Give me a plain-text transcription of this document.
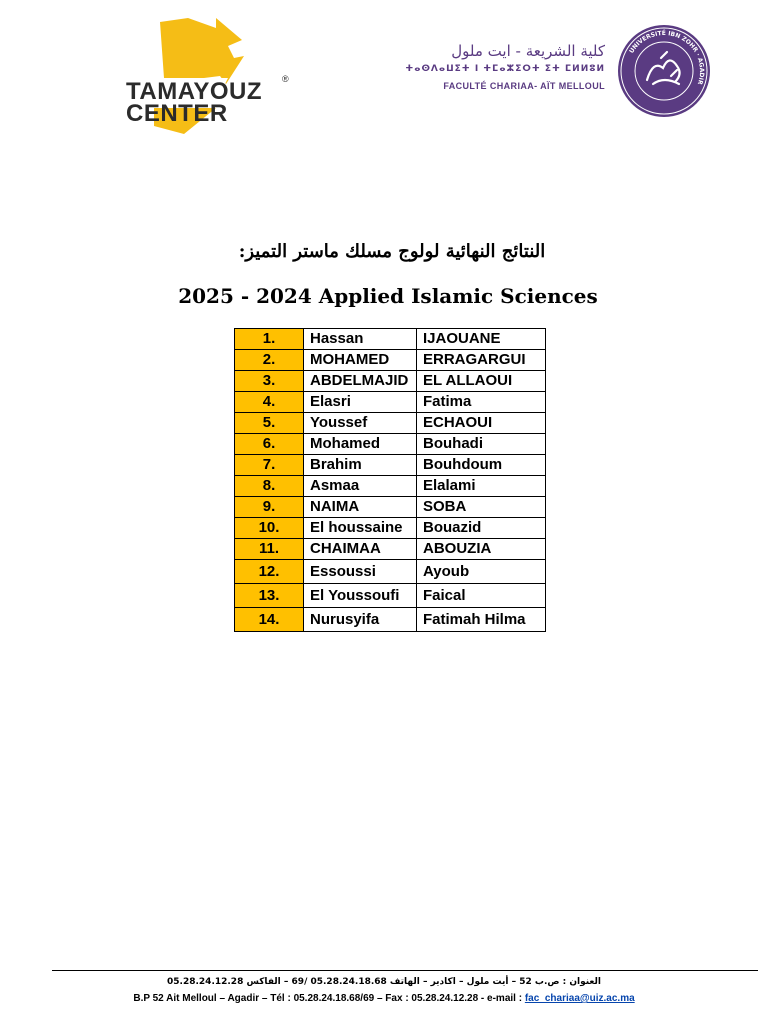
TAMAYOUZ
CENTER
®
كلية الشريعة - ايت ملول
ⵜⴰⵙⴷⴰⵡⵉⵜ ⵏ ⵜⵎⴰⵣⵉⵔⵜ ⵉⵜ ⵎⵍⵍⵓⵍ
FACULTÉ CHARIAA- AÏT MELLOUL
UNIVERSITÉ IBN ZOHR · AGADIR
النتائج النهائية لولوج مسلك ماستر التميز:
2025 - 2024 Applied Islamic Sciences
1.	Hassan	IJAOUANE
2.	MOHAMED	ERRAGARGUI
3.	ABDELMAJID	EL ALLAOUI
4.	Elasri	Fatima
5.	Youssef	ECHAOUI
6.	Mohamed	Bouhadi
7.	Brahim	Bouhdoum
8.	Asmaa	Elalami
9.	NAIMA	SOBA
10.	El houssaine	Bouazid
11.	CHAIMAA	ABOUZIA
12.	Essoussi	Ayoub
13.	El Youssoufi	Faical
14.	Nurusyifa	Fatimah Hilma
العنوان : ص.ب 52 – أيت ملول – اكادير – الهاتف 05.28.24.18.68 /69 – الفاكس 05.28.24.12.28
B.P 52 Ait Melloul – Agadir – Tél : 05.28.24.18.68/69 – Fax : 05.28.24.12.28 - e-mail : fac_chariaa@uiz.ac.ma
